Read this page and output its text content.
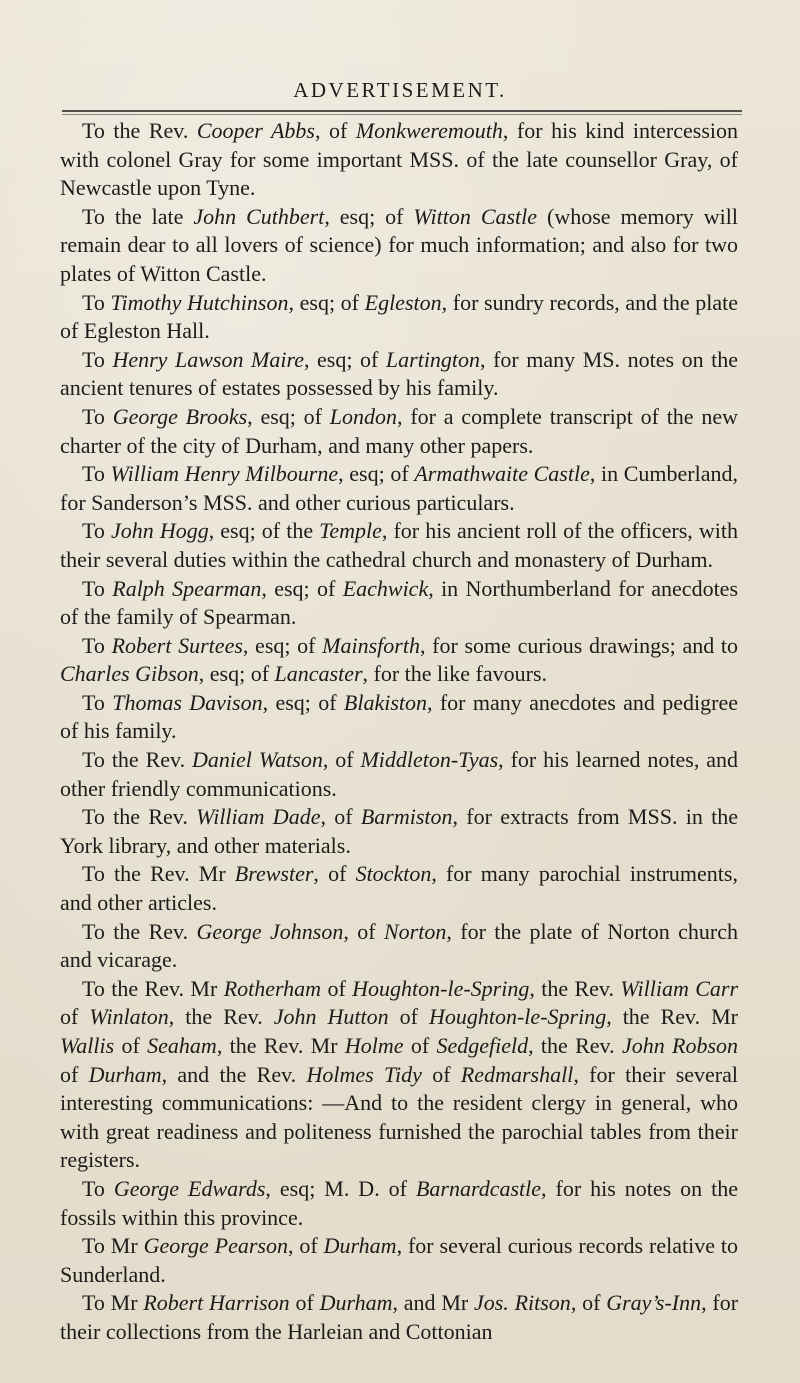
ADVERTISEMENT.

To the Rev. Cooper Abbs, of Monkweremouth, for his kind intercession with colonel Gray for some important MSS. of the late counsellor Gray, of Newcastle upon Tyne.

To the late John Cuthbert, esq; of Witton Castle (whose memory will remain dear to all lovers of science) for much information; and also for two plates of Witton Castle.

To Timothy Hutchinson, esq; of Egleston, for sundry records, and the plate of Egleston Hall.

To Henry Lawson Maire, esq; of Lartington, for many MS. notes on the ancient tenures of estates possessed by his family.

To George Brooks, esq; of London, for a complete transcript of the new charter of the city of Durham, and many other papers.

To William Henry Milbourne, esq; of Armathwaite Castle, in Cumberland, for Sanderson’s MSS. and other curious particulars.

To John Hogg, esq; of the Temple, for his ancient roll of the officers, with their several duties within the cathedral church and monastery of Durham.

To Ralph Spearman, esq; of Eachwick, in Northumberland for anecdotes of the family of Spearman.

To Robert Surtees, esq; of Mainsforth, for some curious drawings; and to Charles Gibson, esq; of Lancaster, for the like favours.

To Thomas Davison, esq; of Blakiston, for many anecdotes and pedigree of his family.

To the Rev. Daniel Watson, of Middleton-Tyas, for his learned notes, and other friendly communications.

To the Rev. William Dade, of Barmiston, for extracts from MSS. in the York library, and other materials.

To the Rev. Mr Brewster, of Stockton, for many parochial instruments, and other articles.

To the Rev. George Johnson, of Norton, for the plate of Norton church and vicarage.

To the Rev. Mr Rotherham of Houghton-le-Spring, the Rev. William Carr of Winlaton, the Rev. John Hutton of Houghton-le-Spring, the Rev. Mr Wallis of Seaham, the Rev. Mr Holme of Sedgefield, the Rev. John Robson of Durham, and the Rev. Holmes Tidy of Redmarshall, for their several interesting communications: —And to the resident clergy in general, who with great readiness and politeness furnished the parochial tables from their registers.

To George Edwards, esq; M. D. of Barnardcastle, for his notes on the fossils within this province.

To Mr George Pearson, of Durham, for several curious records relative to Sunderland.

To Mr Robert Harrison of Durham, and Mr Jos. Ritson, of Gray’s-Inn, for their collections from the Harleian and Cottonian
